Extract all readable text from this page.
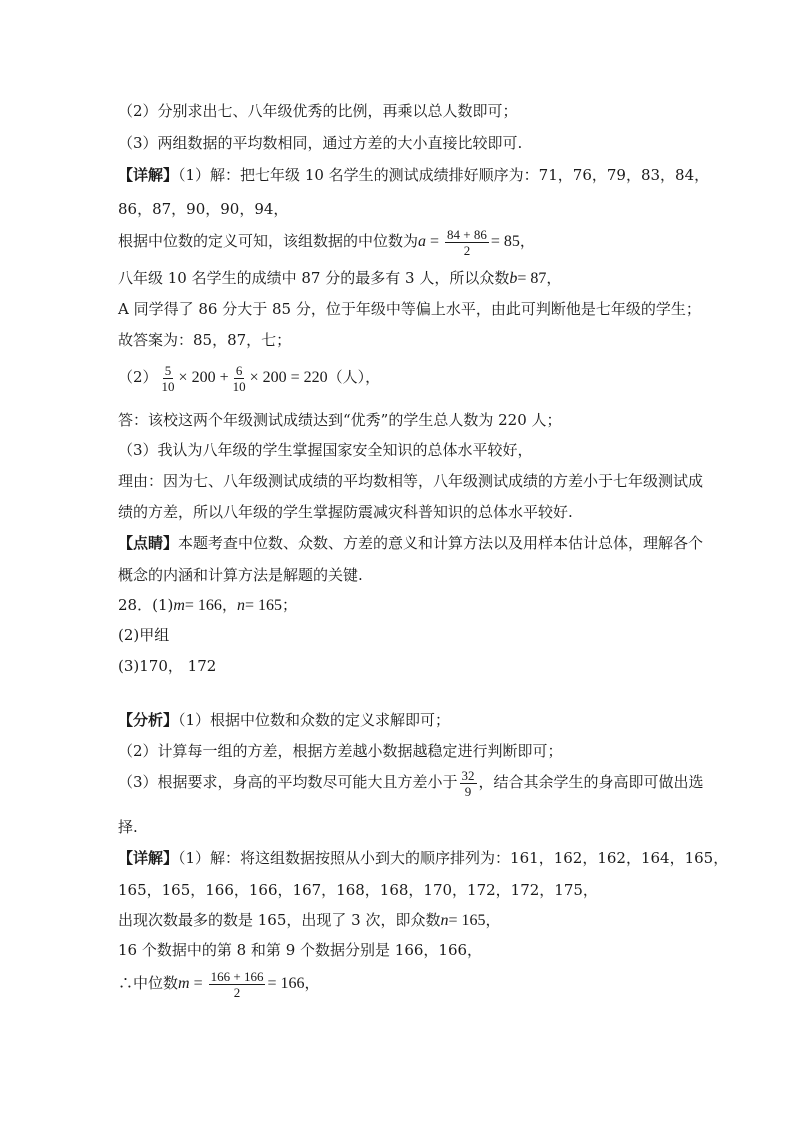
（2）分别求出七、八年级优秀的比例，再乘以总人数即可；
（3）两组数据的平均数相同，通过方差的大小直接比较即可.
【详解】（1）解：把七年级 10 名学生的测试成绩排好顺序为：71，76，79，83，84，
86，87，90，90，94，
根据中位数的定义可知，该组数据的中位数为$a = \frac{84 + 86}{2} = 85$，
八年级 10 名学生的成绩中 87 分的最多有 3 人，所以众数b= 87，
A 同学得了 86 分大于 85 分，位于年级中等偏上水平，由此可判断他是七年级的学生；
故答案为：85，87，七；
$(2) \frac{5}{10} \times 200 + \frac{6}{10} \times 200 = 220$（人），
答：该校这两个年级测试成绩达到“优秀”的学生总人数为 220 人；
（3）我认为八年级的学生掌握国家安全知识的总体水平较好，
理由：因为七、八年级测试成绩的平均数相等，八年级测试成绩的方差小于七年级测试成
绩的方差，所以八年级的学生掌握防震减灾科普知识的总体水平较好.
【点睛】本题考查中位数、众数、方差的意义和计算方法以及用样本估计总体，理解各个
概念的内涵和计算方法是解题的关键.
28．(1)m= 166，n= 165；
(2)甲组
(3)170， 172
【分析】（1）根据中位数和众数的定义求解即可；
（2）计算每一组的方差，根据方差越小数据越稳定进行判断即可；
（3）根据要求，身高的平均数尽可能大且方差小于 $\frac{32}{9}$ ，结合其余学生的身高即可做出选
择.
【详解】（1）解：将这组数据按照从小到大的顺序排列为：161，162，162，164，165，
165，165，166，166，167，168，168，170，172，172，175，
出现次数最多的数是 165，出现了 3 次，即众数n= 165，
16 个数据中的第 8 和第 9 个数据分别是 166，166，
∴中位数$m = \frac{166 + 166}{2} = 166$，
